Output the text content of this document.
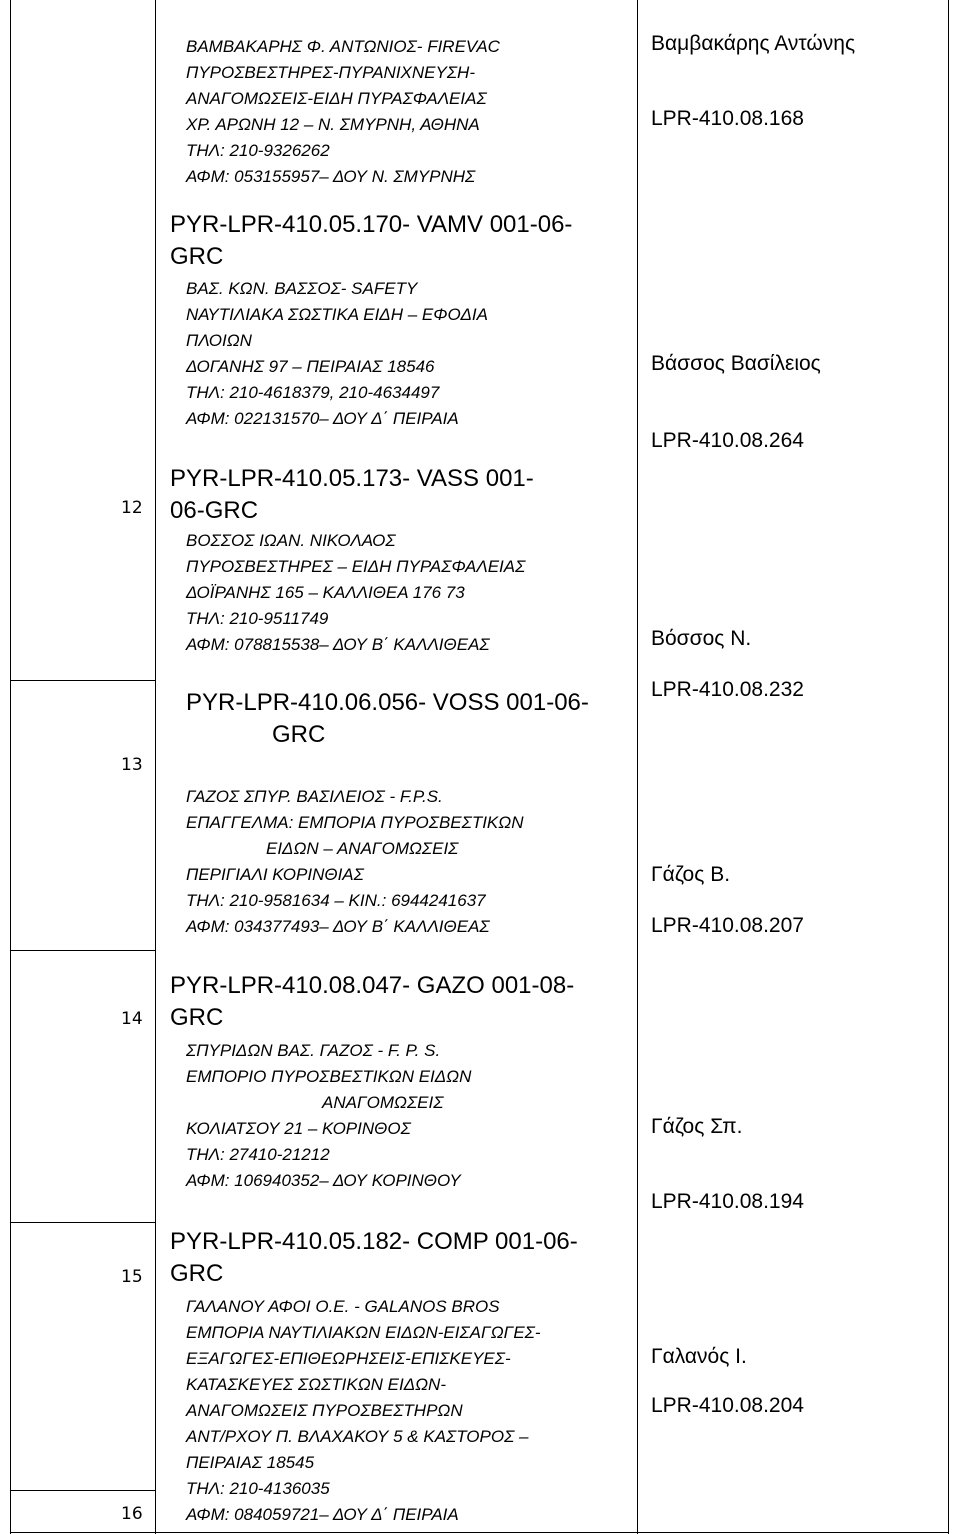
12
13
14
15
16
ΒΑΜΒΑΚΑΡΗΣ Φ. ΑΝΤΩΝΙΟΣ- FIREVAC
ΠΥΡΟΣΒΕΣΤΗΡΕΣ-ΠΥΡΑΝΙΧΝΕΥΣΗ-
ΑΝΑΓΟΜΩΣΕΙΣ-ΕΙΔΗ ΠΥΡΑΣΦΑΛΕΙΑΣ
ΧΡ. ΑΡΩΝΗ 12 – Ν. ΣΜΥΡΝΗ, ΑΘΗΝΑ
ΤΗΛ: 210-9326262
ΑΦΜ: 053155957– ΔΟΥ Ν. ΣΜΥΡΝΗΣ
PYR-LPR-410.05.170- VAMV 001-06-
GRC
Βαμβακάρης Αντώνης
LPR-410.08.168
ΒΑΣ. ΚΩΝ. ΒΑΣΣΟΣ- SAFETY
ΝΑΥΤΙΛΙΑΚΑ ΣΩΣΤΙΚΑ ΕΙΔΗ – ΕΦΟΔΙΑ
ΠΛΟΙΩΝ
ΔΟΓΑΝΗΣ 97 – ΠΕΙΡΑΙΑΣ 18546
ΤΗΛ: 210-4618379, 210-4634497
ΑΦΜ: 022131570– ΔΟΥ Δ΄ ΠΕΙΡΑΙΑ
PYR-LPR-410.05.173- VASS 001-
06-GRC
Βάσσος Βασίλειος
LPR-410.08.264
ΒΟΣΣΟΣ ΙΩΑΝ. ΝΙΚΟΛΑΟΣ
ΠΥΡΟΣΒΕΣΤΗΡΕΣ – ΕΙΔΗ ΠΥΡΑΣΦΑΛΕΙΑΣ
ΔΟΪΡΑΝΗΣ 165 – ΚΑΛΛΙΘΕΑ 176 73
ΤΗΛ: 210-9511749
ΑΦΜ: 078815538– ΔΟΥ Β΄ ΚΑΛΛΙΘΕΑΣ
PYR-LPR-410.06.056- VOSS 001-06-
GRC
Βόσσος Ν.
LPR-410.08.232
ΓΑΖΟΣ ΣΠΥΡ. ΒΑΣΙΛΕΙΟΣ - F.P.S.
ΕΠΑΓΓΕΛΜΑ: ΕΜΠΟΡΙΑ ΠΥΡΟΣΒΕΣΤΙΚΩΝ
ΕΙΔΩΝ – ΑΝΑΓΟΜΩΣΕΙΣ
ΠΕΡΙΓΙΑΛΙ ΚΟΡΙΝΘΙΑΣ
ΤΗΛ: 210-9581634 – ΚΙΝ.: 6944241637
ΑΦΜ: 034377493– ΔΟΥ Β΄ ΚΑΛΛΙΘΕΑΣ
PYR-LPR-410.08.047- GAZO 001-08-
GRC
Γάζος Β.
LPR-410.08.207
ΣΠΥΡΙΔΩΝ ΒΑΣ. ΓΑΖΟΣ - F. P. S.
ΕΜΠΟΡΙΟ ΠΥΡΟΣΒΕΣΤΙΚΩΝ ΕΙΔΩΝ
ΑΝΑΓΟΜΩΣΕΙΣ
ΚΟΛΙΑΤΣΟΥ 21 – ΚΟΡΙΝΘΟΣ
ΤΗΛ: 27410-21212
ΑΦΜ: 106940352– ΔΟΥ ΚΟΡΙΝΘΟΥ
PYR-LPR-410.05.182- COMP 001-06-
GRC
Γάζος Σπ.
LPR-410.08.194
ΓΑΛΑΝΟΥ ΑΦΟΙ Ο.Ε. - GALANOS BROS
ΕΜΠΟΡΙΑ ΝΑΥΤΙΛΙΑΚΩΝ ΕΙΔΩΝ-ΕΙΣΑΓΩΓΕΣ-
ΕΞΑΓΩΓΕΣ-ΕΠΙΘΕΩΡΗΣΕΙΣ-ΕΠΙΣΚΕΥΕΣ-
ΚΑΤΑΣΚΕΥΕΣ ΣΩΣΤΙΚΩΝ ΕΙΔΩΝ-
ΑΝΑΓΟΜΩΣΕΙΣ ΠΥΡΟΣΒΕΣΤΗΡΩΝ
ΑΝΤ/ΡΧΟΥ Π. ΒΛΑΧΑΚΟΥ 5 & ΚΑΣΤΟΡΟΣ –
ΠΕΙΡΑΙΑΣ 18545
ΤΗΛ: 210-4136035
ΑΦΜ: 084059721– ΔΟΥ Δ΄ ΠΕΙΡΑΙΑ
Γαλανός Ι.
LPR-410.08.204
